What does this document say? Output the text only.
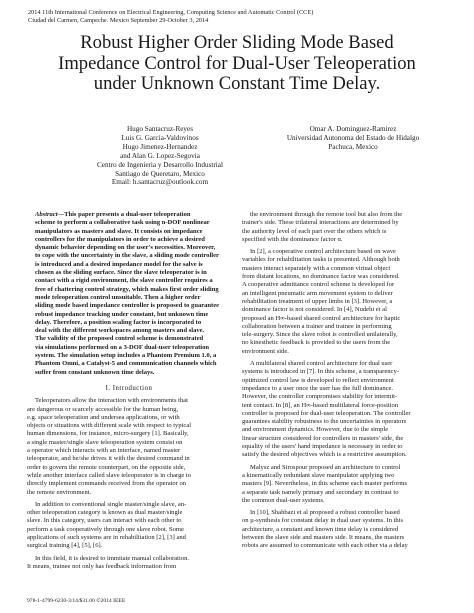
2014 11th International Conference on Electrical Engineering, Computing Science and Automatic Control (CCE)
Ciudad del Carmen, Campeche. Mexico September 29-October 3, 2014
Robust Higher Order Sliding Mode Based
Impedance Control for Dual-User Teleoperation
under Unknown Constant Time Delay.
Hugo Santacruz-Reyes
Luis G. Garcia-Valdovinos
Hugo Jimenez-Hernandez
and Alan G. Lopez-Segovia
Centro de Ingenieria y Desarrollo Industrial
Santiago de Queretaro, Mexico
Email: h.santacruz@outlook.com
Omar A. Dominguez-Ramirez
Universidad Autonoma del Estado de Hidalgo
Pachuca, Mexico
Abstract—This paper presents a dual-user teleoperation
scheme to perform a collaborative task using n-DOF nonlinear
manipulators as masters and slave. It consists on impedance
controllers for the manipulators in order to achieve a desired
dynamic behavior depending on the user's necessities. Moreover,
to cope with the uncertainty in the slave, a sliding mode controller
is introduced and a desired impedance model for the salve is
chosen as the sliding surface. Since the slave teleoperator is in
contact with a rigid environment, the slave controller requires a
free of chattering control strategy, which makes first order sliding
mode teleoperation control unsuitable. Then a higher order
sliding mode based impedance controller is proposed to guarantee
robust impedance tracking under constant, but unknown time
delay. Therefore, a position scaling factor is incorporated to
deal with the different workspaces among masters and slave.
The validity of the proposed control scheme is demonstrated
via simulations performed on a 3-DOF dual-user teleoperation
system. The simulation setup includes a Phantom Premium 1.0, a
Phantom Omni, a Catalyst-5 and communication channels which
suffer from constant unknown time delays.
I. Introduction
Teleoperators allow the interaction with environments that
are dangerous or scarcely accessible for the human being,
e.g. space teleoperation and undersea applications, or with
objects or situations with different scale with respect to typical
human dimensions, for instance, micro-surgery [1]. Basically,
a single master/single slave teleoperation system consist on
a operator which interacts with an interface, named master
teleoperator, and he/she drives it with the desired command in
order to govern the remote counterpart, on the opposite side,
while another interface called slave teleoperator is in charge to
directly implement commands received from the operator on
the remote environment.
In addition to conventional single master/single slave, an-
other teleoperation category is known as dual master/single
slave. In this category, users can interact with each other to
perform a task cooperatively through one slave robot. Some
applications of such systems are in rehabilitation [2], [3] and
surgical training [4], [5], [6].
In this field, it is desired to immitate manual collaboration.
It means, trainee not only has feedback information from
the environment through the remote tool but also from the
trainer's side. These trilateral interactions are determined by
the authority level of each part over the others which is
specified with the dominance factor α.
In [2], a cooperative control architecture based on wave
variables for rehabilitation tasks is presented. Although both
masters interact separately with a common virtual object
from distant locations, no dominance factor was considered.
A cooperative admittance control scheme is developed for
an intelligent pneumatic arm movement system to deliver
rehabilitation treatment of upper limbs in [3]. However, a
dominance factor is not considered. In [4], Nudehi et al
proposed an H∞-based shared control architecture for haptic
collaboration between a trainer and trainee in performing
tele-surgery. Since the slave robot is controlled unilaterally,
no kinesthetic feedback is provided to the users from the
environment side.
A multilateral shared control architecture for dual user
systems is introduced in [7]. In this scheme, a transparency-
optimized control law is developed to reflect environment
impedance to a user once the user has the full dominance.
However, the controller compromises stability for intermit-
tent contact. In [8], an H∞-based multilateral force-position
controller is proposed for dual-user teleoperation. The controller
guarantees stability robustness to the uncertainties in operators
and environment dynamics. However, due to the simple
linear structure considered for controllers in masters' side, the
equality of the users' hand impedance is necessary in order to
satisfy the desired objectives which is a restrictive assumption.
Malysz and Sirospour proposed an architecture to control
a kinematically redundant slave manipulator applying two
masters [9]. Nevertheless, in this scheme each master performs
a separate task namely primary and secondary in contrast to
the common dual-user systems.
In [10], Shahbazi et al proposed a robust controller based
on µ-synthesis for constant delay in dual user systems. In this
architecture, a constant and known time delay is considered
between the slave side and masters side. It means, the masters
robots are assumed to communicate with each other via a delay
978-1-4799-6230-3/14/$31.00 ©2014 IEEE
